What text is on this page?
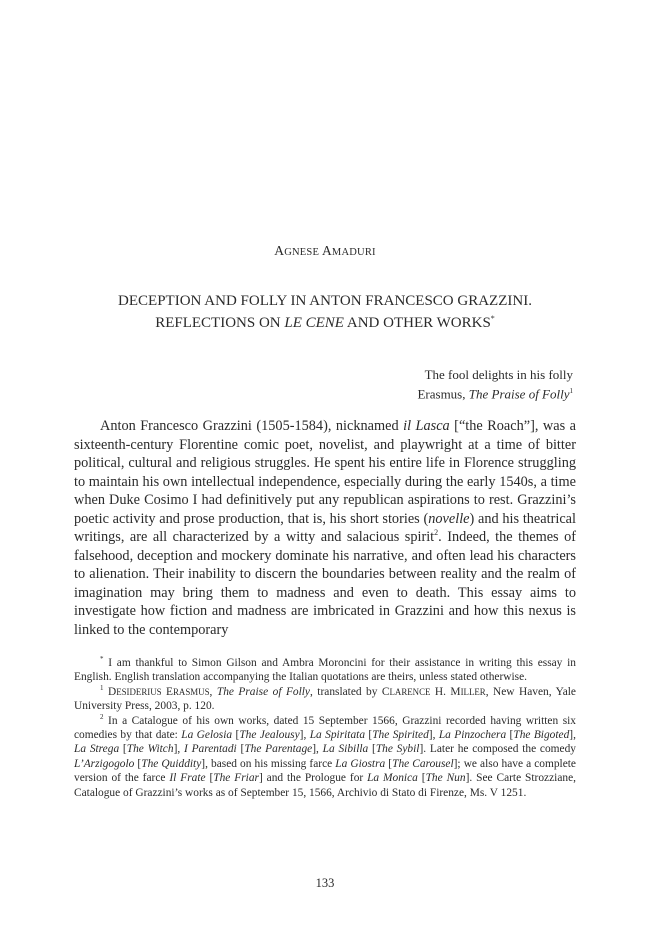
AGNESE AMADURI
DECEPTION AND FOLLY IN ANTON FRANCESCO GRAZZINI.
REFLECTIONS ON LE CENE AND OTHER WORKS*
The fool delights in his folly
Erasmus, The Praise of Folly$^1$

Anton Francesco Grazzini (1505-1584), nicknamed il Lasca [“the Roach”], was a sixteenth-century Florentine comic poet, novelist, and playwright at a time of bitter political, cultural and religious struggles. He spent his entire life in Florence struggling to maintain his own intellectual independence, especially during the early 1540s, a time when Duke Cosimo I had definitively put any republican aspirations to rest. Grazzini’s poetic activity and prose production, that is, his short stories (novelle) and his theatrical writings, are all characterized by a witty and salacious spirit$^2$. Indeed, the themes of falsehood, deception and mockery dominate his narrative, and often lead his characters to alienation. Their inability to discern the boundaries between reality and the realm of imagination may bring them to madness and even to death. This essay aims to investigate how fiction and madness are imbricated in Grazzini and how this nexus is linked to the contemporary

* I am thankful to Simon Gilson and Ambra Moroncini for their assistance in writing this essay in English. English translation accompanying the Italian quotations are theirs, unless stated otherwise.

$^1$ DESIDERIUS ERASMUS, The Praise of Folly, translated by CLARENCE H. MILLER, New Haven, Yale University Press, 2003, p. 120.

$^2$ In a Catalogue of his own works, dated 15 September 1566, Grazzini recorded having written six comedies by that date: La Gelosia [The Jealousy], La Spiritata [The Spirited], La Pinzochera [The Bigoted], La Strega [The Witch], I Parentadi [The Parentage], La Sibilla [The Sybil]. Later he composed the comedy L’Arzigogolo [The Quiddity], based on his missing farce La Giostra [The Carousel]; we also have a complete version of the farce Il Frate [The Friar] and the Prologue for La Monica [The Nun]. See Carte Strozziane, Catalogue of Grazzini’s works as of September 15, 1566, Archivio di Stato di Firenze, Ms. V 1251.

133
